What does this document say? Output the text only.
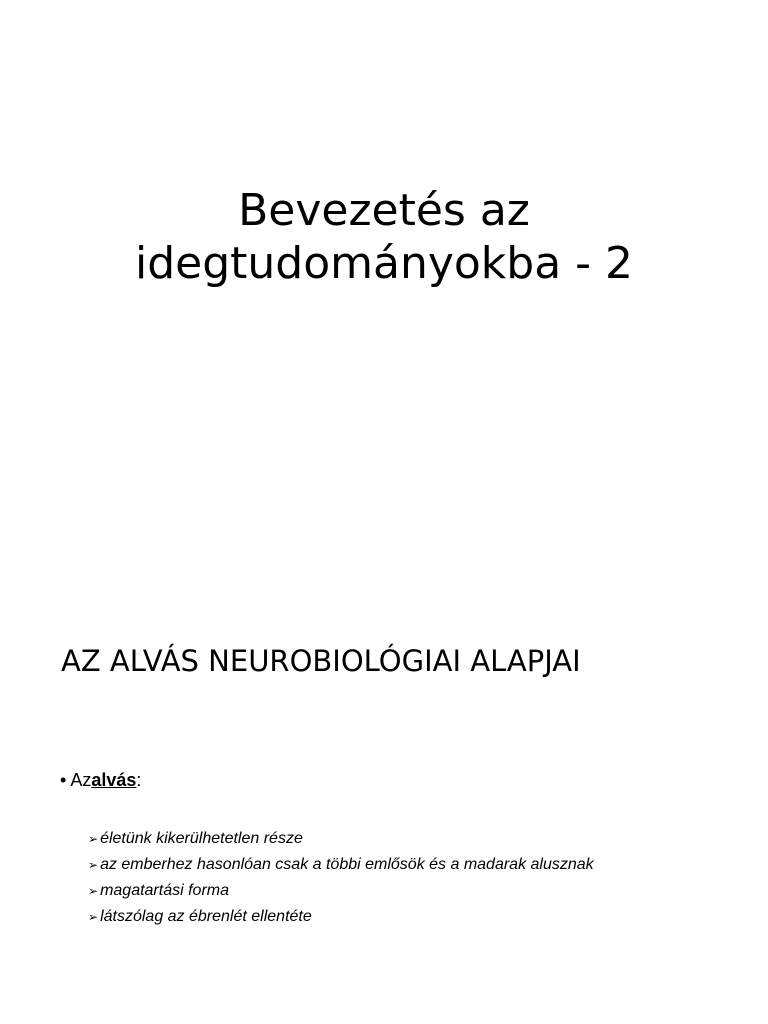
Bevezetés az
idegtudományokba - 2
AZ ALVÁS NEUROBIOLÓGIAI ALAPJAI
• Azalvás:
➢ életünk kikerülhetetlen része
➢ az emberhez hasonlóan csak a többi emlősök és a madarak alusznak
➢ magatartási forma
➢ látszólag az ébrenlét ellentéte
